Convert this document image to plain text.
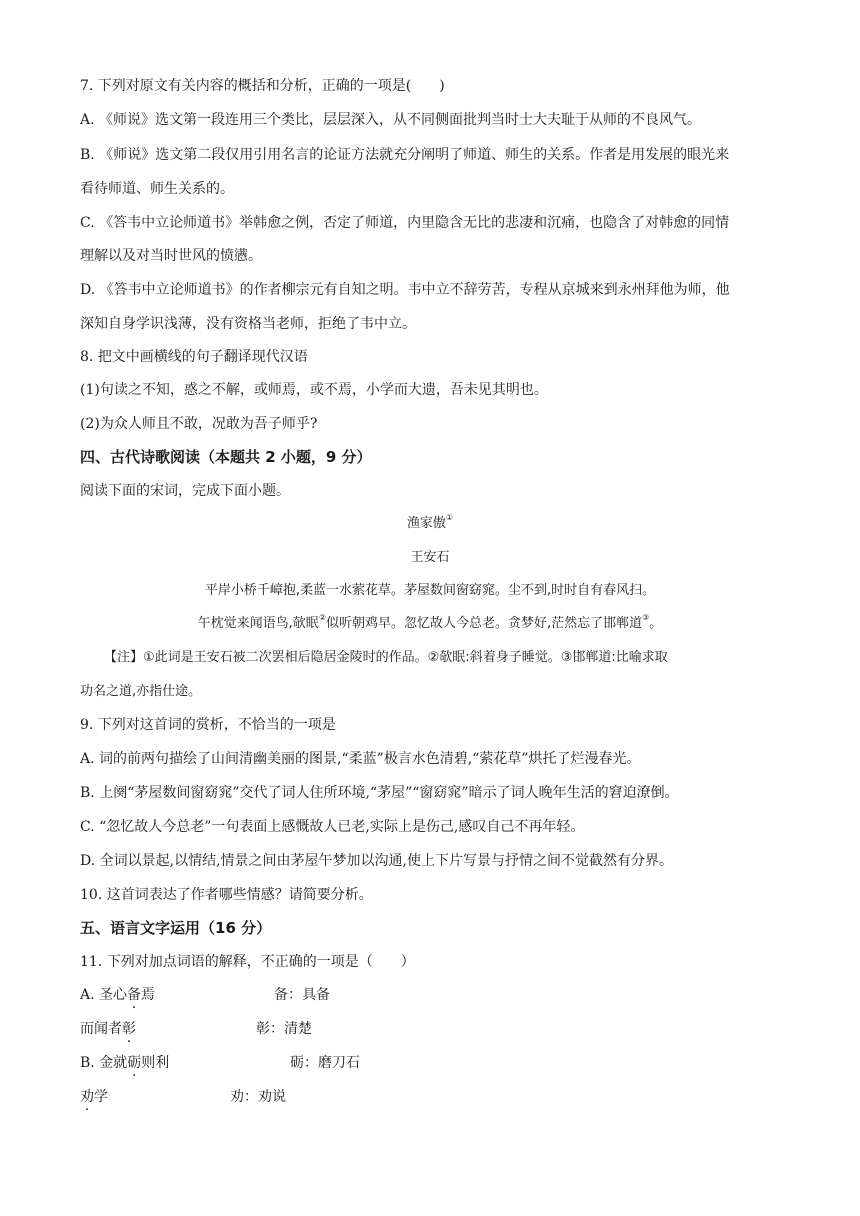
7. 下列对原文有关内容的概括和分析，正确的一项是(　　)
A. 《师说》选文第一段连用三个类比，层层深入，从不同侧面批判当时士大夫耻于从师的不良风气。
B. 《师说》选文第二段仅用引用名言的论证方法就充分阐明了师道、师生的关系。作者是用发展的眼光来
看待师道、师生关系的。
C. 《答韦中立论师道书》举韩愈之例，否定了师道，内里隐含无比的悲凄和沉痛，也隐含了对韩愈的同情
理解以及对当时世风的愤懑。
D. 《答韦中立论师道书》的作者柳宗元有自知之明。韦中立不辞劳苦，专程从京城来到永州拜他为师，他
深知自身学识浅薄，没有资格当老师，拒绝了韦中立。
8. 把文中画横线的句子翻译现代汉语
(1)句读之不知，惑之不解，或师焉，或不焉，小学而大遗，吾未见其明也。
(2)为众人师且不敢，况敢为吾子师乎?
四、古代诗歌阅读（本题共 2 小题，9 分）
阅读下面的宋词，完成下面小题。
渔家傲①
王安石
平岸小桥千嶂抱,柔蓝一水萦花草。茅屋数间窗窈窕。尘不到,时时自有春风扫。
午枕觉来闻语鸟,欹眠②似听朝鸡早。忽忆故人今总老。贪梦好,茫然忘了邯郸道③。
【注】①此词是王安石被二次罢相后隐居金陵时的作品。②欹眠:斜着身子睡觉。③邯郸道:比喻求取
功名之道,亦指仕途。
9. 下列对这首词的赏析，不恰当的一项是
A. 词的前两句描绘了山间清幽美丽的图景,“柔蓝”极言水色清碧,“萦花草”烘托了烂漫春光。
B. 上阕“茅屋数间窗窈窕”交代了词人住所环境,“茅屋”“窗窈窕”暗示了词人晚年生活的窘迫潦倒。
C. “忽忆故人今总老”一句表面上感慨故人已老,实际上是伤己,感叹自己不再年轻。
D. 全词以景起,以情结,情景之间由茅屋午梦加以沟通,使上下片写景与抒情之间不觉截然有分界。
10. 这首词表达了作者哪些情感？请简要分析。
五、语言文字运用（16 分）
11. 下列对加点词语的解释，不正确的一项是（　　）
A. 圣心备焉	备：具备
而闻者彰	彰：清楚
B. 金就砺则利	砺：磨刀石
劝学	劝：劝说
